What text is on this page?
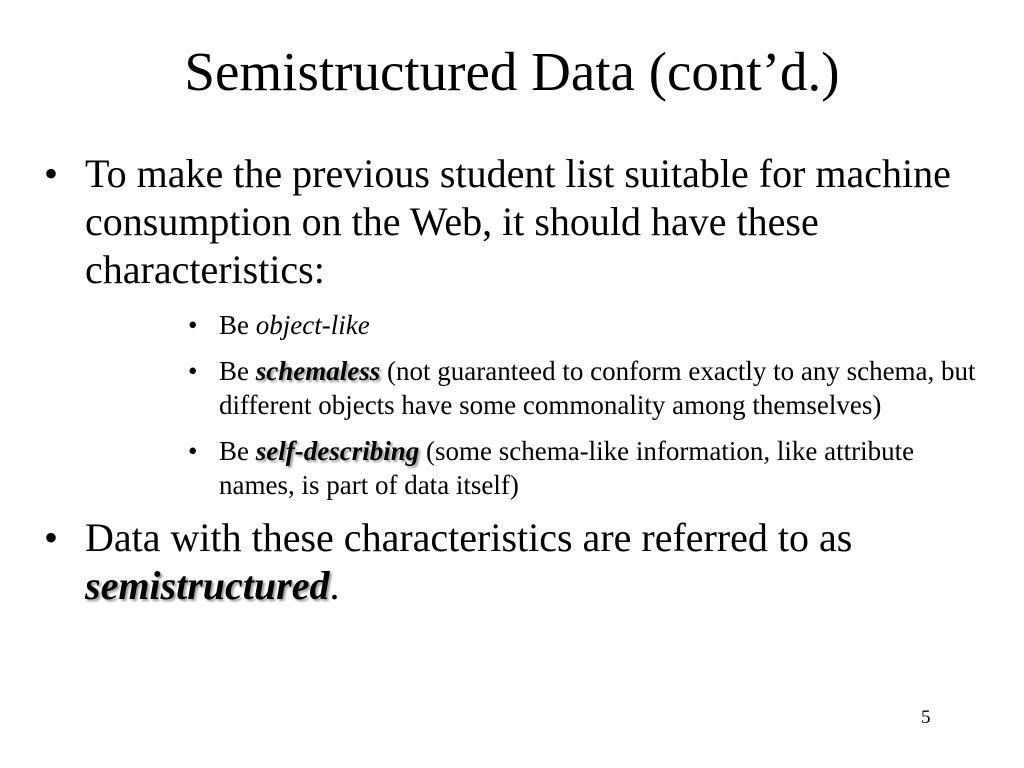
Semistructured Data (cont’d.)
• To make the previous student list suitable for machine consumption on the Web, it should have these characteristics:
• Be object-like
• Be schemaless (not guaranteed to conform exactly to any schema, but different objects have some commonality among themselves)
• Be self-describing (some schema-like information, like attribute names, is part of data itself)
• Data with these characteristics are referred to as semistructured.
5
